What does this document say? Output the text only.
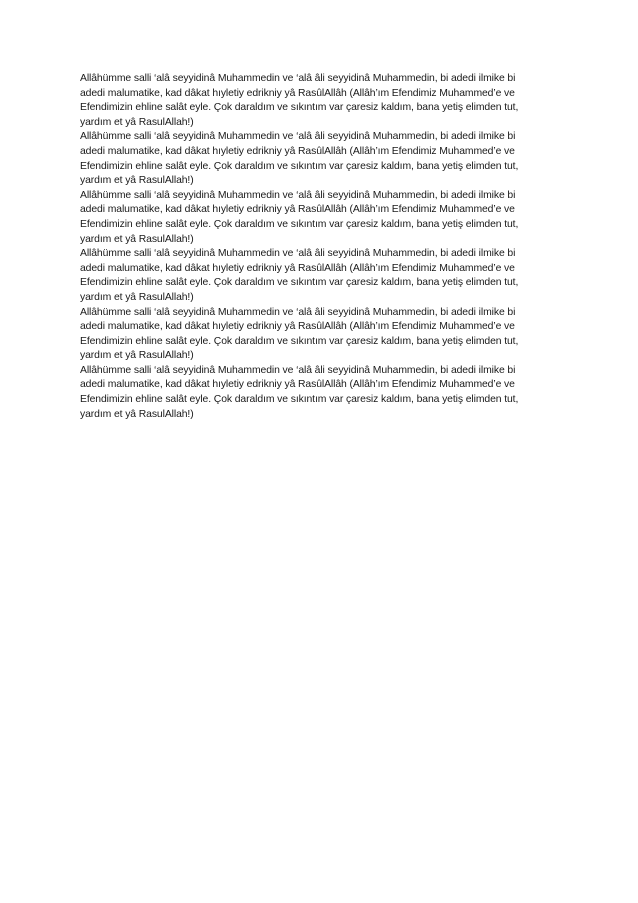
Allâhümme salli ‘alâ seyyidinâ Muhammedin ve ‘alâ âli seyyidinâ Muhammedin, bi adedi ilmike bi
adedi malumatike, kad dâkat hıyletiy edrikniy yâ RasûlAllâh (Allâh’ım Efendimiz Muhammed’e ve
Efendimizin ehline salât eyle. Çok daraldım ve sıkıntım var çaresiz kaldım, bana yetiş elimden tut,
yardım et yâ RasulAllah!)
Allâhümme salli ‘alâ seyyidinâ Muhammedin ve ‘alâ âli seyyidinâ Muhammedin, bi adedi ilmike bi
adedi malumatike, kad dâkat hıyletiy edrikniy yâ RasûlAllâh (Allâh’ım Efendimiz Muhammed’e ve
Efendimizin ehline salât eyle. Çok daraldım ve sıkıntım var çaresiz kaldım, bana yetiş elimden tut,
yardım et yâ RasulAllah!)
Allâhümme salli ‘alâ seyyidinâ Muhammedin ve ‘alâ âli seyyidinâ Muhammedin, bi adedi ilmike bi
adedi malumatike, kad dâkat hıyletiy edrikniy yâ RasûlAllâh (Allâh’ım Efendimiz Muhammed’e ve
Efendimizin ehline salât eyle. Çok daraldım ve sıkıntım var çaresiz kaldım, bana yetiş elimden tut,
yardım et yâ RasulAllah!)
Allâhümme salli ‘alâ seyyidinâ Muhammedin ve ‘alâ âli seyyidinâ Muhammedin, bi adedi ilmike bi
adedi malumatike, kad dâkat hıyletiy edrikniy yâ RasûlAllâh (Allâh’ım Efendimiz Muhammed’e ve
Efendimizin ehline salât eyle. Çok daraldım ve sıkıntım var çaresiz kaldım, bana yetiş elimden tut,
yardım et yâ RasulAllah!)
Allâhümme salli ‘alâ seyyidinâ Muhammedin ve ‘alâ âli seyyidinâ Muhammedin, bi adedi ilmike bi
adedi malumatike, kad dâkat hıyletiy edrikniy yâ RasûlAllâh (Allâh’ım Efendimiz Muhammed’e ve
Efendimizin ehline salât eyle. Çok daraldım ve sıkıntım var çaresiz kaldım, bana yetiş elimden tut,
yardım et yâ RasulAllah!)
Allâhümme salli ‘alâ seyyidinâ Muhammedin ve ‘alâ âli seyyidinâ Muhammedin, bi adedi ilmike bi
adedi malumatike, kad dâkat hıyletiy edrikniy yâ RasûlAllâh (Allâh’ım Efendimiz Muhammed’e ve
Efendimizin ehline salât eyle. Çok daraldım ve sıkıntım var çaresiz kaldım, bana yetiş elimden tut,
yardım et yâ RasulAllah!)
